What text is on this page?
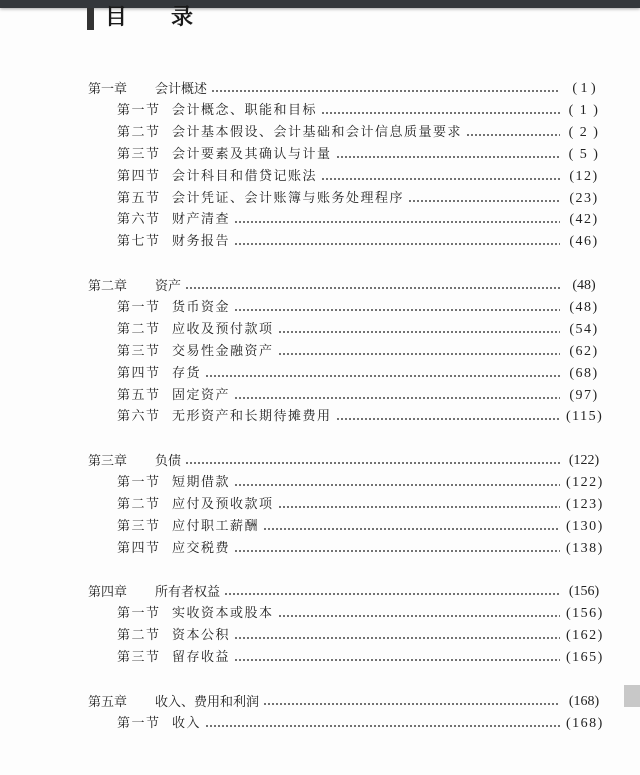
目 录
第一章 会计概述	( 1 )
第一节 会计概念、职能和目标	( 1 )
第二节 会计基本假设、会计基础和会计信息质量要求	( 2 )
第三节 会计要素及其确认与计量	( 5 )
第四节 会计科目和借贷记账法	(12)
第五节 会计凭证、会计账簿与账务处理程序	(23)
第六节 财产清查	(42)
第七节 财务报告	(46)
第二章 资产	(48)
第一节 货币资金	(48)
第二节 应收及预付款项	(54)
第三节 交易性金融资产	(62)
第四节 存货	(68)
第五节 固定资产	(97)
第六节 无形资产和长期待摊费用	(115)
第三章 负债	(122)
第一节 短期借款	(122)
第二节 应付及预收款项	(123)
第三节 应付职工薪酬	(130)
第四节 应交税费	(138)
第四章 所有者权益	(156)
第一节 实收资本或股本	(156)
第二节 资本公积	(162)
第三节 留存收益	(165)
第五章 收入、费用和利润	(168)
第一节 收入	(168)
